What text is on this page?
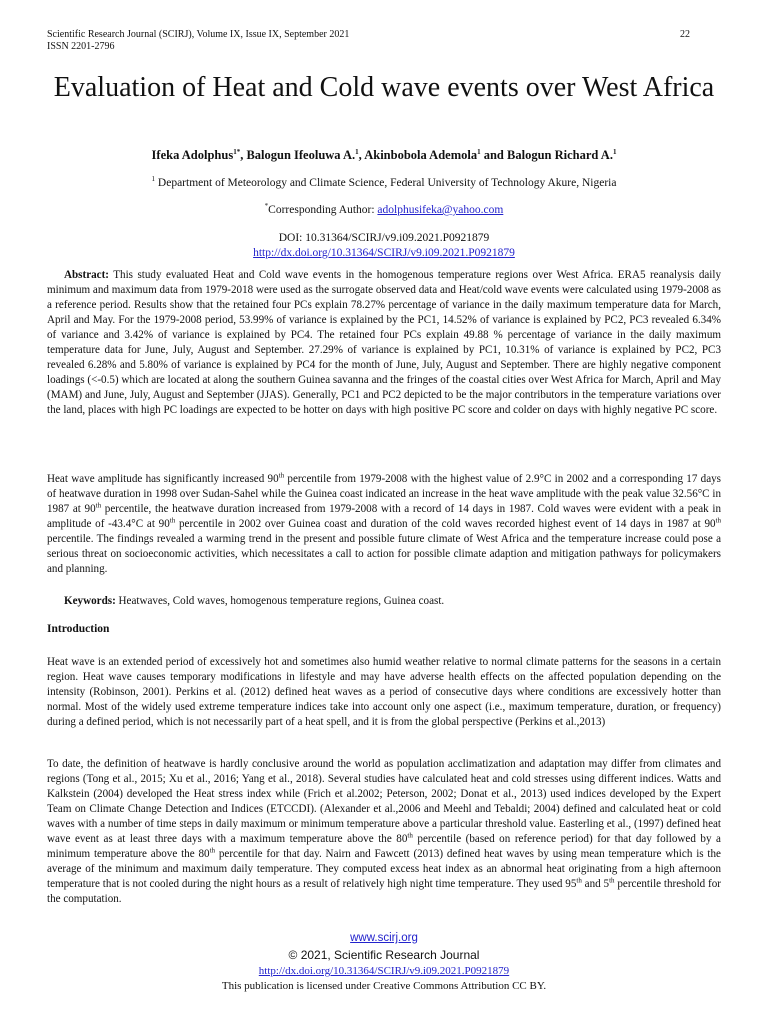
Scientific Research Journal (SCIRJ), Volume IX, Issue IX, September 2021
ISSN 2201-2796
22
Evaluation of Heat and Cold wave events over West Africa
Ifeka Adolphus$^{1*}$, Balogun Ifeoluwa A.$^1$, Akinbobola Ademola$^1$ and Balogun Richard A.$^1$
$^1$ Department of Meteorology and Climate Science, Federal University of Technology Akure, Nigeria
*Corresponding Author: adolphusifeka@yahoo.com
DOI: 10.31364/SCIRJ/v9.i09.2021.P0921879
http://dx.doi.org/10.31364/SCIRJ/v9.i09.2021.P0921879
Abstract: This study evaluated Heat and Cold wave events in the homogenous temperature regions over West Africa. ERA5 reanalysis daily minimum and maximum data from 1979-2018 were used as the surrogate observed data and Heat/cold wave events were calculated using 1979-2008 as a reference period. Results show that the retained four PCs explain 78.27% percentage of variance in the daily maximum temperature data for March, April and May. For the 1979-2008 period, 53.99% of variance is explained by the PC1, 14.52% of variance is explained by PC2, PC3 revealed 6.34% of variance and 3.42% of variance is explained by PC4. The retained four PCs explain 49.88 % percentage of variance in the daily maximum temperature data for June, July, August and September. 27.29% of variance is explained by PC1, 10.31% of variance is explained by PC2, PC3 revealed 6.28% and 5.80% of variance is explained by PC4 for the month of June, July, August and September. There are highly negative component loadings (<-0.5) which are located at along the southern Guinea savanna and the fringes of the coastal cities over West Africa for March, April and May (MAM) and June, July, August and September (JJAS). Generally, PC1 and PC2 depicted to be the major contributors in the temperature variations over the land, places with high PC loadings are expected to be hotter on days with high positive PC score and colder on days with highly negative PC score.
Heat wave amplitude has significantly increased 90th percentile from 1979-2008 with the highest value of 2.9°C in 2002 and a corresponding 17 days of heatwave duration in 1998 over Sudan-Sahel while the Guinea coast indicated an increase in the heat wave amplitude with the peak value 32.56°C in 1987 at 90th percentile, the heatwave duration increased from 1979-2008 with a record of 14 days in 1987. Cold waves were evident with a peak in amplitude of -43.4°C at 90th percentile in 2002 over Guinea coast and duration of the cold waves recorded highest event of 14 days in 1987 at 90th percentile. The findings revealed a warming trend in the present and possible future climate of West Africa and the temperature increase could pose a serious threat on socioeconomic activities, which necessitates a call to action for possible climate adaption and mitigation pathways for policymakers and planning.
Keywords: Heatwaves, Cold waves, homogenous temperature regions, Guinea coast.
Introduction
Heat wave is an extended period of excessively hot and sometimes also humid weather relative to normal climate patterns for the seasons in a certain region. Heat wave causes temporary modifications in lifestyle and may have adverse health effects on the affected population depending on the intensity (Robinson, 2001). Perkins et al. (2012) defined heat waves as a period of consecutive days where conditions are excessively hotter than normal. Most of the widely used extreme temperature indices take into account only one aspect (i.e., maximum temperature, duration, or frequency) during a defined period, which is not necessarily part of a heat spell, and it is from the global perspective (Perkins et al.,2013)
To date, the definition of heatwave is hardly conclusive around the world as population acclimatization and adaptation may differ from climates and regions (Tong et al., 2015; Xu et al., 2016; Yang et al., 2018). Several studies have calculated heat and cold stresses using different indices. Watts and Kalkstein (2004) developed the Heat stress index while (Frich et al.2002; Peterson, 2002; Donat et al., 2013) used indices developed by the Expert Team on Climate Change Detection and Indices (ETCCDI). (Alexander et al.,2006 and Meehl and Tebaldi; 2004) defined and calculated heat or cold waves with a number of time steps in daily maximum or minimum temperature above a particular threshold value. Easterling et al., (1997) defined heat wave event as at least three days with a maximum temperature above the 80th percentile (based on reference period) for that day followed by a minimum temperature above the 80th percentile for that day. Nairn and Fawcett (2013) defined heat waves by using mean temperature which is the average of the minimum and maximum daily temperature. They computed excess heat index as an abnormal heat originating from a high afternoon temperature that is not cooled during the night hours as a result of relatively high night time temperature. They used 95th and 5th percentile threshold for the computation.
www.scirj.org
© 2021, Scientific Research Journal
http://dx.doi.org/10.31364/SCIRJ/v9.i09.2021.P0921879
This publication is licensed under Creative Commons Attribution CC BY.
